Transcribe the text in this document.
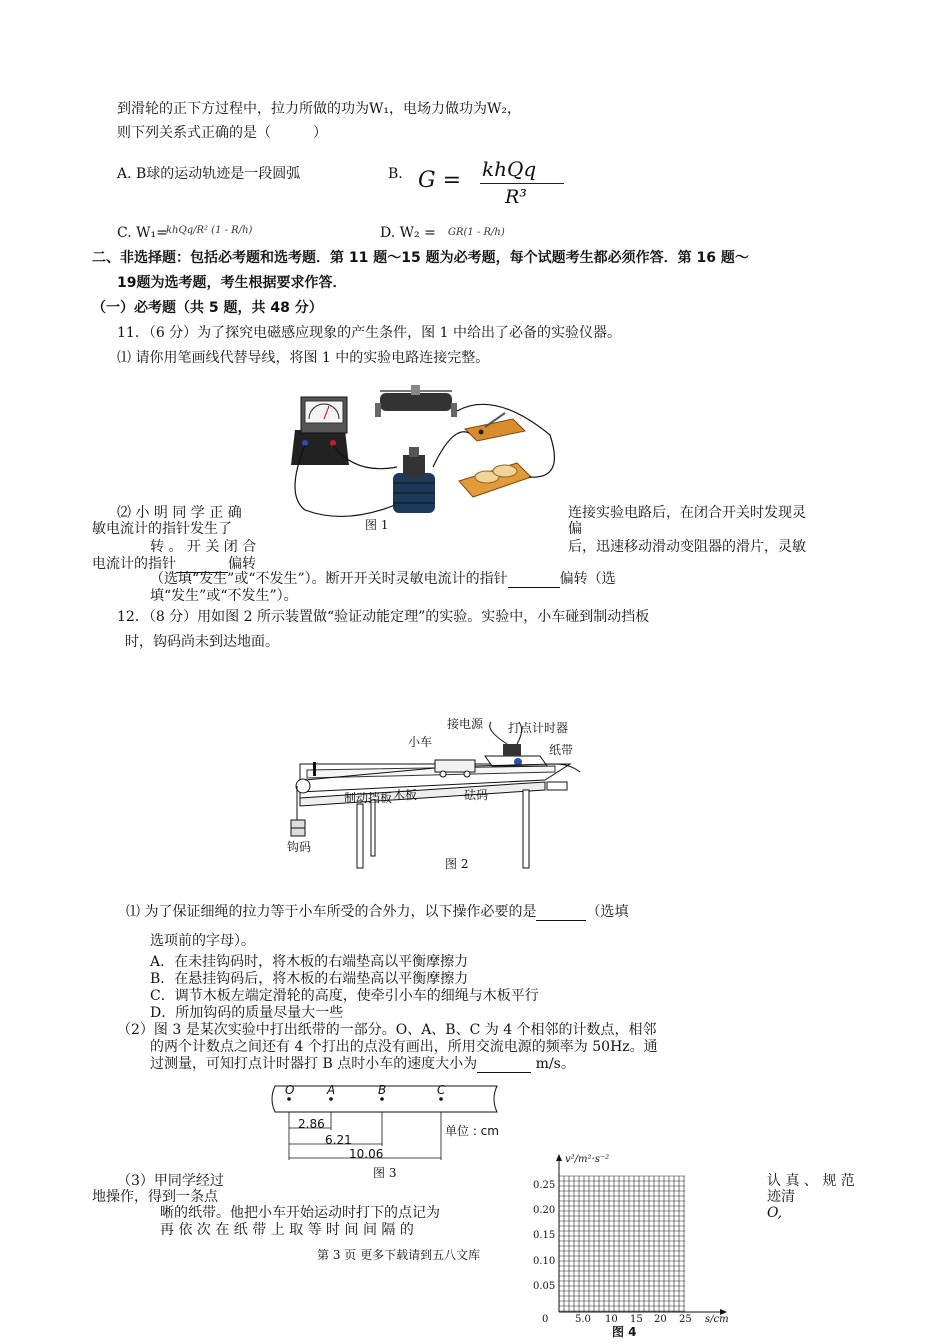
到滑轮的正下方过程中，拉力所做的功为W₁，电场力做功为W₂，
则下列关系式正确的是（　　　）
A. B球的运动轨迹是一段圆弧	B. G = khQq
R³
C. W₁=
khQq/R² (1 - R/h)	D. W₂ = GR(1 - R/h)
二、非选择题：包括必考题和选考题．第 11 题～15 题为必考题，每个试题考生都必须作答．第 16 题～
19题为选考题，考生根据要求作答．
（一）必考题（共 5 题，共 48 分）
11．（6 分）为了探究电磁感应现象的产生条件，图 1 中给出了必备的实验仪器。
⑴ 请你用笔画线代替导线，将图 1 中的实验电路连接完整。
图 1
⑵ 小 明 同 学 正 确
敏电流计的指针发生了
转 。 开 关 闭 合
电流计的指针	偏转
连接实验电路后，在闭合开关时发现灵
偏
后，迅速移动滑动变阻器的滑片，灵敏
（选填“发生”或“不发生”）。断开开关时灵敏电流计的指针	偏转（选
填“发生”或“不发生”）。
12．（8 分）用如图 2 所示装置做“验证动能定理”的实验。实验中，小车碰到制动挡板
时，钩码尚未到达地面。
接电源 打点计时器
小车
纸带
制动挡板 木板	砝码
钩码
图 2
⑴ 为了保证细绳的拉力等于小车所受的合外力，以下操作必要的是	（选填
选项前的字母）。
A．在未挂钩码时，将木板的右端垫高以平衡摩擦力
B．在悬挂钩码后，将木板的右端垫高以平衡摩擦力
C．调节木板左端定滑轮的高度，使牵引小车的细绳与木板平行
D．所加钩码的质量尽量大一些
（2）图 3 是某次实验中打出纸带的一部分。O、A、B、C 为 4 个相邻的计数点，相邻
的两个计数点之间还有 4 个打出的点没有画出，所用交流电源的频率为 50Hz。通
过测量，可知打点计时器打 B 点时小车的速度大小为	m/s。
O	A	B	C
2.86
6.21
10.06
单位 : cm
图 3
（3）甲同学经过
地操作，得到一条点
晰的纸带。他把小车开始运动时打下的点记为
再 依 次 在 纸 带 上 取 等 时 间 间 隔 的
认 真 、 规 范
迹清
O,
第 3 页 更多下载请到五八文库
v²/m²·s⁻²
0.25
0.20
0.15
0.10
0.05
0	5.0 10 15 20 25 s/cm
图 4
